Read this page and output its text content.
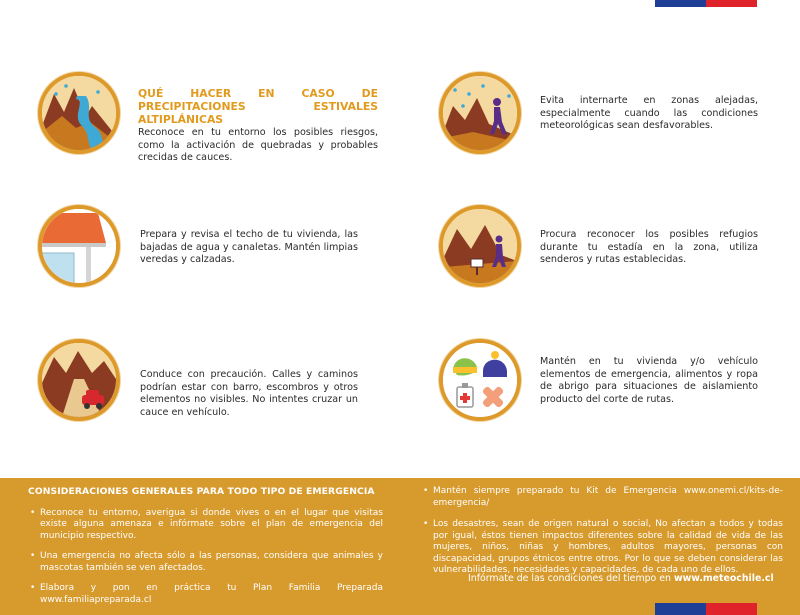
QUÉ HACER EN CASO DE PRECIPITACIONES ESTIVALES ALTIPLÁNICAS
Reconoce en tu entorno los posibles riesgos, como la activación de quebradas y probables crecidas de cauces.
Evita internarte en zonas alejadas, especialmente cuando las condiciones meteorológicas sean desfavorables.
Prepara y revisa el techo de tu vivienda, las bajadas de agua y canaletas. Mantén limpias veredas y calzadas.
Procura reconocer los posibles refugios durante tu estadía en la zona, utiliza senderos y rutas establecidas.
Conduce con precaución. Calles y caminos podrían estar con barro, escombros y otros elementos no visibles. No intentes cruzar un cauce en vehículo.
Mantén en tu vivienda y/o vehículo elementos de emergencia, alimentos y ropa de abrigo para situaciones de aislamiento producto del corte de rutas.
CONSIDERACIONES GENERALES PARA TODO TIPO DE EMERGENCIA
• Reconoce tu entorno, averigua si donde vives o en el lugar que visitas existe alguna amenaza e infórmate sobre el plan de emergencia del municipio respectivo.
• Una emergencia no afecta sólo a las personas, considera que animales y mascotas también se ven afectados.
• Elabora y pon en práctica tu Plan Familia Preparada www.familiapreparada.cl
• Mantén siempre preparado tu Kit de Emergencia www.onemi.cl/kits-de-emergencia/
• Los desastres, sean de origen natural o social, No afectan a todos y todas por igual, éstos tienen impactos diferentes sobre la calidad de vida de las mujeres, niños, niñas y hombres, adultos mayores, personas con discapacidad, grupos étnicos entre otros. Por lo que se deben considerar las vulnerabilidades, necesidades y capacidades, de cada uno de ellos.
Infórmate de las condiciones del tiempo en www.meteochile.cl
